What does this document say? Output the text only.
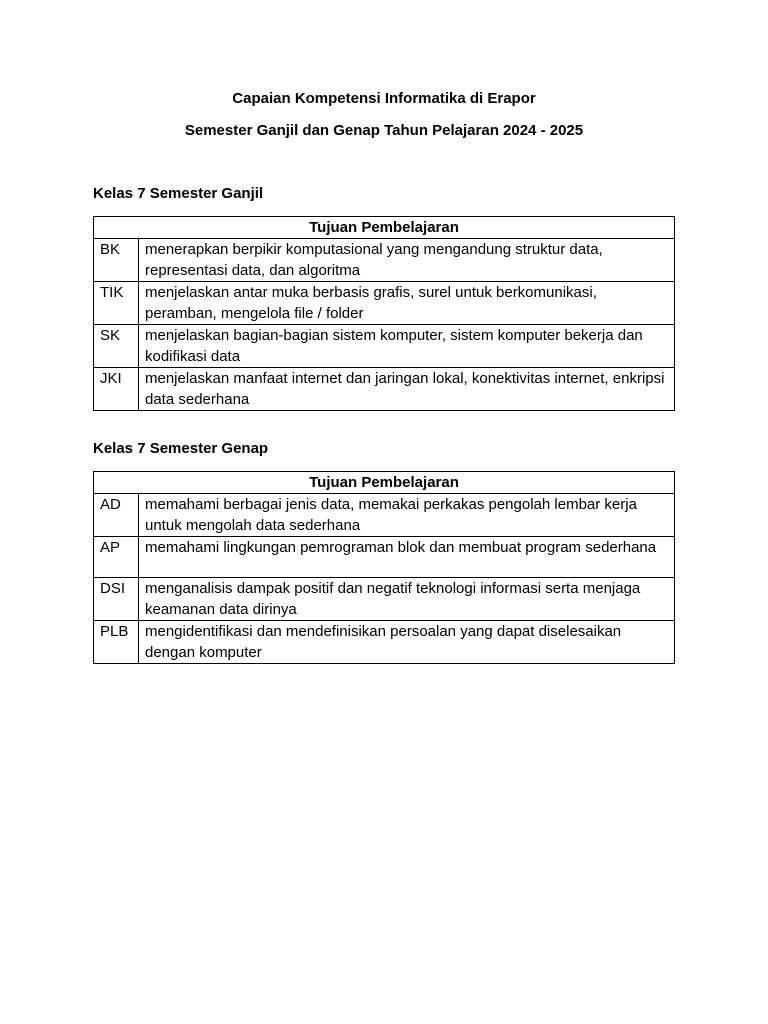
Capaian Kompetensi Informatika di Erapor
Semester Ganjil dan Genap Tahun Pelajaran 2024 - 2025
Kelas 7 Semester Ganjil
Tujuan Pembelajaran	
BK	menerapkan berpikir komputasional yang mengandung struktur data, representasi data, dan algoritma
TIK	menjelaskan antar muka berbasis grafis, surel untuk berkomunikasi, peramban, mengelola file / folder
SK	menjelaskan bagian-bagian sistem komputer, sistem komputer bekerja dan kodifikasi data
JKI	menjelaskan manfaat internet dan jaringan lokal, konektivitas internet, enkripsi data sederhana
Kelas 7 Semester Genap
Tujuan Pembelajaran	
AD	memahami berbagai jenis data, memakai perkakas pengolah lembar kerja untuk mengolah data sederhana
AP	memahami lingkungan pemrograman blok dan membuat program sederhana
DSI	menganalisis dampak positif dan negatif teknologi informasi serta menjaga keamanan data dirinya
PLB	mengidentifikasi dan mendefinisikan persoalan yang dapat diselesaikan dengan komputer
